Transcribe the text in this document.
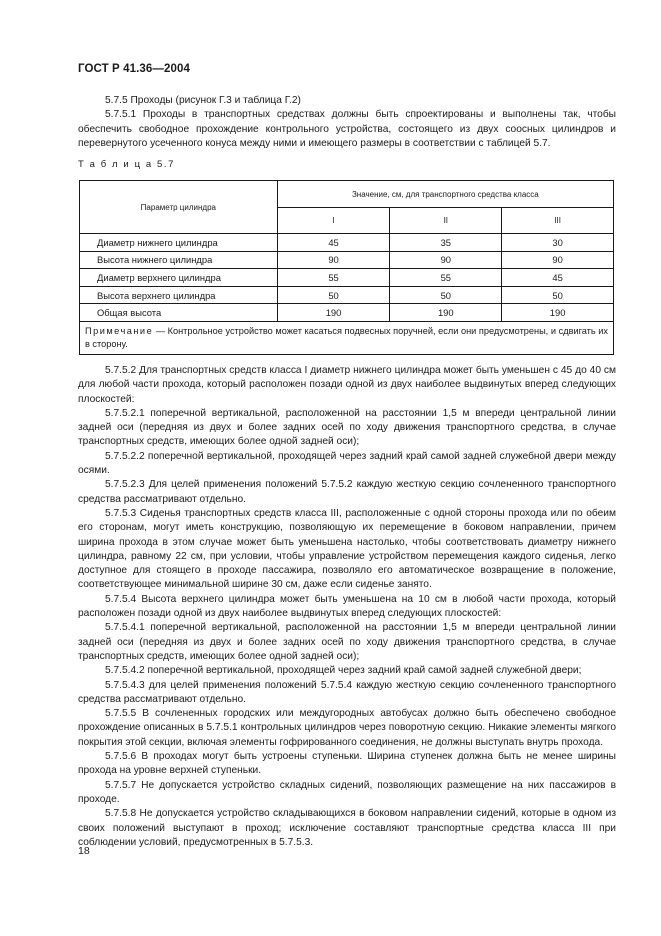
ГОСТ Р 41.36—2004

5.7.5 Проходы (рисунок Г.3 и таблица Г.2)

5.7.5.1 Проходы в транспортных средствах должны быть спроектированы и выполнены так, чтобы обеспечить свободное прохождение контрольного устройства, состоящего из двух соосных цилиндров и перевернутого усеченного конуса между ними и имеющего размеры в соответствии с таблицей 5.7.

Т а б л и ц а 5.7
Параметр цилиндра	Значение, см, для транспортного средства класса		
	I	II	III
Диаметр нижнего цилиндра	45	35	30
Высота нижнего цилиндра	90	90	90
Диаметр верхнего цилиндра	55	55	45
Высота верхнего цилиндра	50	50	50
Общая высота	190	190	190
Примечание — Контрольное устройство может касаться подвесных поручней, если они предусмотрены, и сдвигать их в сторону.			

5.7.5.2 Для транспортных средств класса I диаметр нижнего цилиндра может быть уменьшен с 45 до 40 см для любой части прохода, который расположен позади одной из двух наиболее выдвинутых вперед следующих плоскостей:

5.7.5.2.1 поперечной вертикальной, расположенной на расстоянии 1,5 м впереди центральной линии задней оси (передняя из двух и более задних осей по ходу движения транспортного средства, в случае транспортных средств, имеющих более одной задней оси);

5.7.5.2.2 поперечной вертикальной, проходящей через задний край самой задней служебной двери между осями.

5.7.5.2.3 Для целей применения положений 5.7.5.2 каждую жесткую секцию сочлененного транспортного средства рассматривают отдельно.

5.7.5.3 Сиденья транспортных средств класса III, расположенные с одной стороны прохода или по обеим его сторонам, могут иметь конструкцию, позволяющую их перемещение в боковом направлении, причем ширина прохода в этом случае может быть уменьшена настолько, чтобы соответствовать диаметру нижнего цилиндра, равному 22 см, при условии, чтобы управление устройством перемещения каждого сиденья, легко доступное для стоящего в проходе пассажира, позволяло его автоматическое возвращение в положение, соответствующее минимальной ширине 30 см, даже если сиденье занято.

5.7.5.4 Высота верхнего цилиндра может быть уменьшена на 10 см в любой части прохода, который расположен позади одной из двух наиболее выдвинутых вперед следующих плоскостей:

5.7.5.4.1 поперечной вертикальной, расположенной на расстоянии 1,5 м впереди центральной линии задней оси (передняя из двух и более задних осей по ходу движения транспортного средства, в случае транспортных средств, имеющих более одной задней оси);

5.7.5.4.2 поперечной вертикальной, проходящей через задний край самой задней служебной двери;

5.7.5.4.3 для целей применения положений 5.7.5.4 каждую жесткую секцию сочлененного транспортного средства рассматривают отдельно.

5.7.5.5 В сочлененных городских или междугородных автобусах должно быть обеспечено свободное прохождение описанных в 5.7.5.1 контрольных цилиндров через поворотную секцию. Никакие элементы мягкого покрытия этой секции, включая элементы гофрированного соединения, не должны выступать внутрь прохода.

5.7.5.6 В проходах могут быть устроены ступеньки. Ширина ступенек должна быть не менее ширины прохода на уровне верхней ступеньки.

5.7.5.7 Не допускается устройство складных сидений, позволяющих размещение на них пассажиров в проходе.

5.7.5.8 Не допускается устройство складывающихся в боковом направлении сидений, которые в одном из своих положений выступают в проход; исключение составляют транспортные средства класса III при соблюдении условий, предусмотренных в 5.7.5.3.

18
